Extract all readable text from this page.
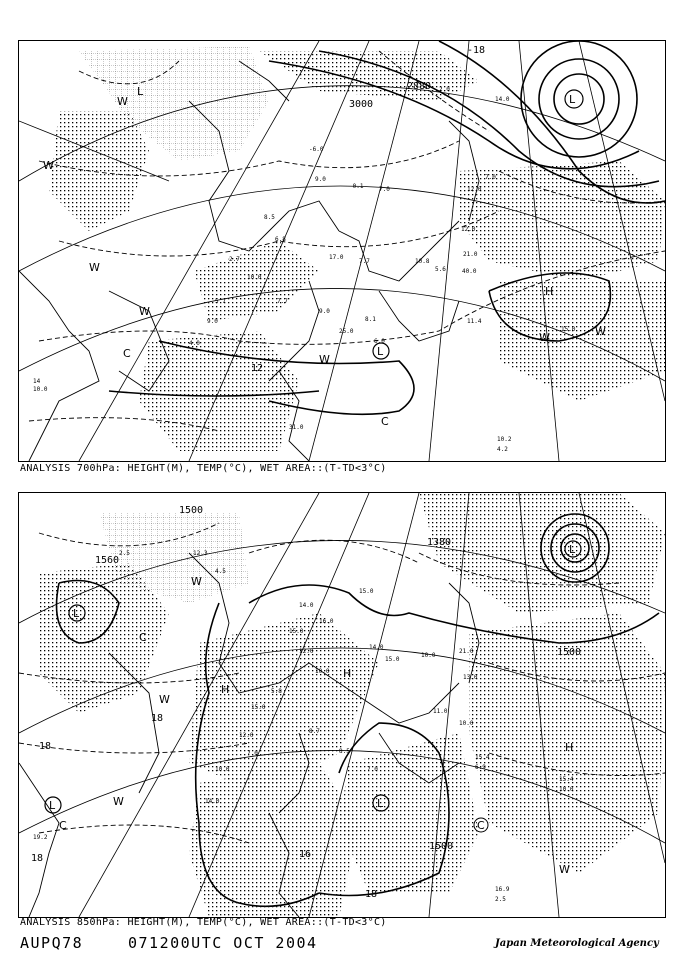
-6.0
9.0
-0.1
8.5
6.8
2.7
5.7
9.0
4.0
9.0
25.0
8.1
6.0
10.8
5.6
12.0
21.0
40.0
12.0
7.0
14.0
2.0
11.4
15.0
10.2
4.2
14
10.0
7.0
17.0
7.7
10.0
7.7
31.0
3000
2880
-18
12
L
L
L
W
W
W
W
W
W
C
C
H
W
ANALYSIS 700hPa: HEIGHT(M), TEMP(°C), WET AREA::(T-TD<3°C)
14.0
16.0
15.0
12.0
10.0
5.8
15.0
12.0
7.0
10.0
14.0
15.0
14.0
15.0
10.0
21.0
13.0
11.0
10.0
15.4
6.9
15.4
10.0
16.9
2.5
8.5
7.0
8.7
19.2
2.5	12.3
4.5
1500
1500
1500
1380
1560
18
18
18	16
18
L
L
L
L
W
W
H
H
H
C
C	C
W
W
ANALYSIS 850hPa: HEIGHT(M), TEMP(°C), WET AREA::(T-TD<3°C)
AUPQ78	071200UTC OCT 2004	Japan Meteorological Agency
